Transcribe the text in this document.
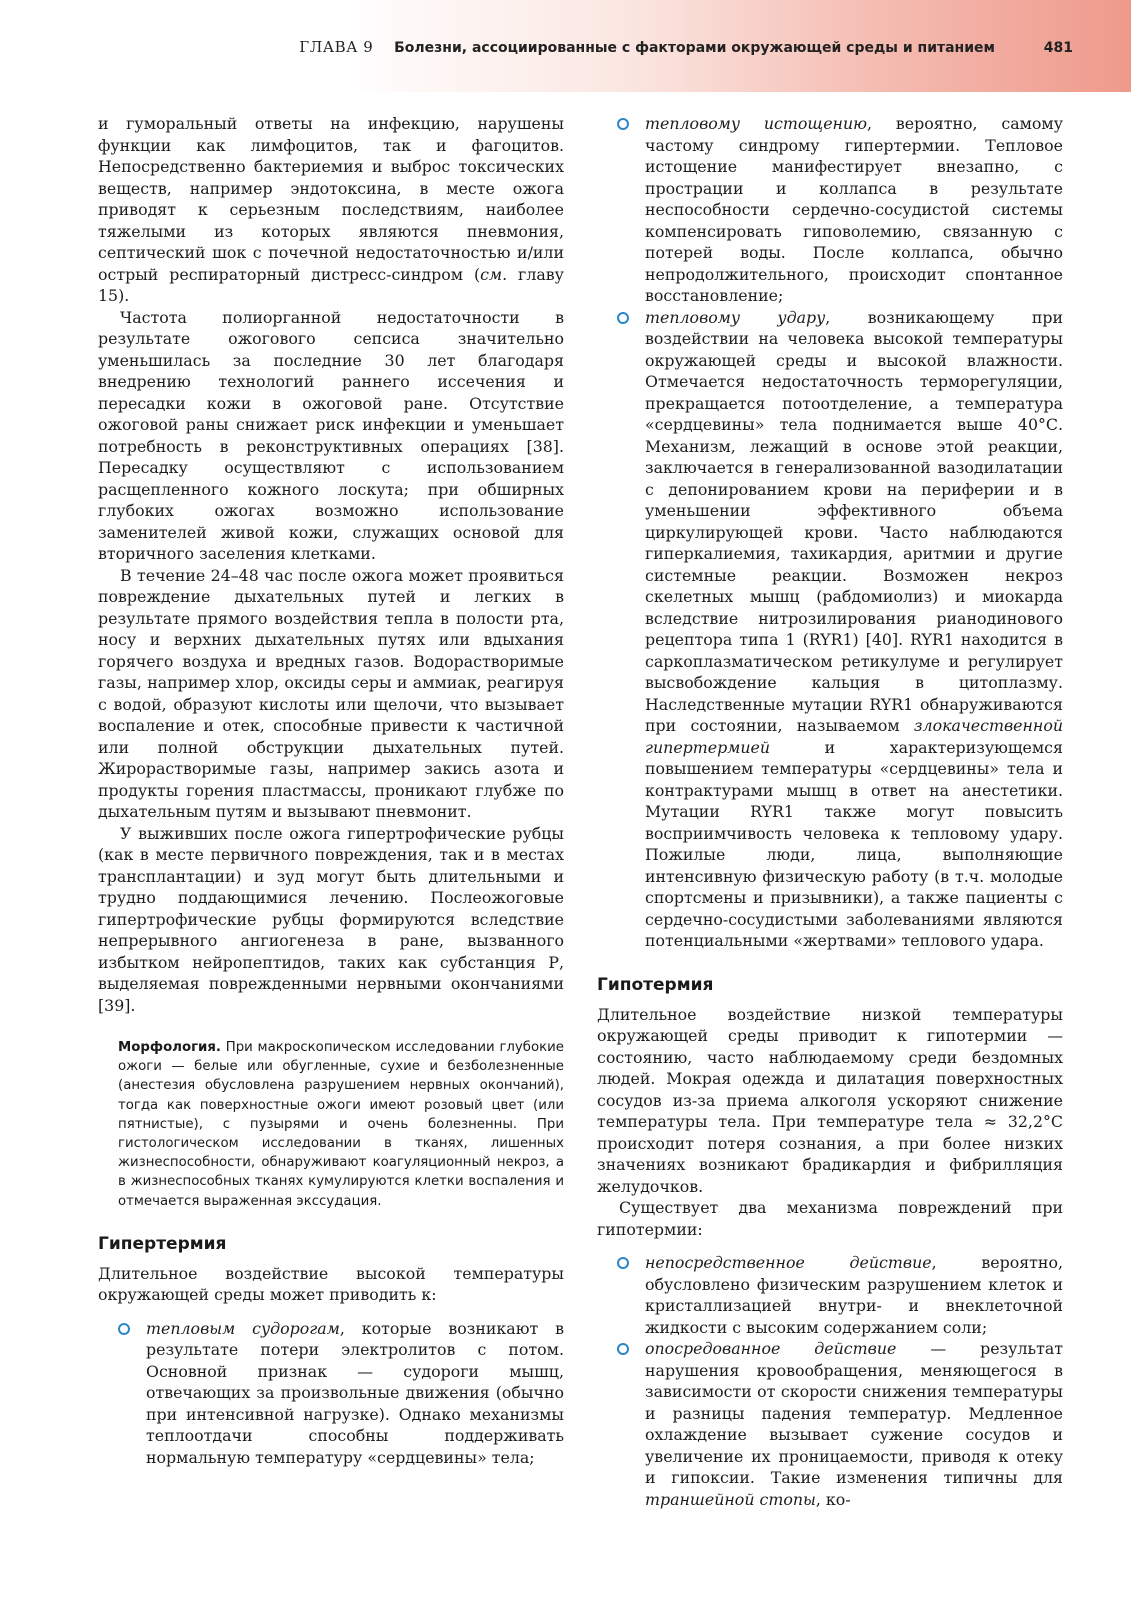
ГЛАВА 9 Болезни, ассоциированные с факторами окружающей среды и питанием	481

и гуморальный ответы на инфекцию, нарушены функции как лимфоцитов, так и фагоцитов. Непосредственно бактериемия и выброс токсических веществ, например эндотоксина, в месте ожога приводят к серьезным последствиям, наиболее тяжелыми из которых являются пневмония, септический шок с почечной недостаточностью и/или острый респираторный дистресс-синдром (см. главу 15).

Частота полиорганной недостаточности в результате ожогового сепсиса значительно уменьшилась за последние 30 лет благодаря внедрению технологий раннего иссечения и пересадки кожи в ожоговой ране. Отсутствие ожоговой раны снижает риск инфекции и уменьшает потребность в реконструктивных операциях [38]. Пересадку осуществляют с использованием расщепленного кожного лоскута; при обширных глубоких ожогах возможно использование заменителей живой кожи, служащих основой для вторичного заселения клетками.

В течение 24–48 час после ожога может проявиться повреждение дыхательных путей и легких в результате прямого воздействия тепла в полости рта, носу и верхних дыхательных путях или вдыхания горячего воздуха и вредных газов. Водорастворимые газы, например хлор, оксиды серы и аммиак, реагируя с водой, образуют кислоты или щелочи, что вызывает воспаление и отек, способные привести к частичной или полной обструкции дыхательных путей. Жирорастворимые газы, например закись азота и продукты горения пластмассы, проникают глубже по дыхательным путям и вызывают пневмонит.

У выживших после ожога гипертрофические рубцы (как в месте первичного повреждения, так и в местах трансплантации) и зуд могут быть длительными и трудно поддающимися лечению. Послеожоговые гипертрофические рубцы формируются вследствие непрерывного ангиогенеза в ране, вызванного избытком нейропептидов, таких как субстанция Р, выделяемая поврежденными нервными окончаниями [39].

Морфология. При макроскопическом исследовании глубокие ожоги — белые или обугленные, сухие и безболезненные (анестезия обусловлена разрушением нервных окончаний), тогда как поверхностные ожоги имеют розовый цвет (или пятнистые), с пузырями и очень болезненны. При гистологическом исследовании в тканях, лишенных жизнеспособности, обнаруживают коагуляционный некроз, а в жизнеспособных тканях кумулируются клетки воспаления и отмечается выраженная экссудация.
Гипертермия

Длительное воздействие высокой температуры окружающей среды может приводить к:

тепловым судорогам, которые возникают в результате потери электролитов с потом. Основной признак — судороги мышц, отвечающих за произвольные движения (обычно при интенсивной нагрузке). Однако механизмы теплоотдачи способны поддерживать нормальную температуру «сердцевины» тела;
тепловому истощению, вероятно, самому частому синдрому гипертермии. Тепловое истощение манифестирует внезапно, с прострации и коллапса в результате неспособности сердечно-сосудистой системы компенсировать гиповолемию, связанную с потерей воды. После коллапса, обычно непродолжительного, происходит спонтанное восстановление;
тепловому удару, возникающему при воздействии на человека высокой температуры окружающей среды и высокой влажности. Отмечается недостаточность терморегуляции, прекращается потоотделение, а температура «сердцевины» тела поднимается выше 40°С. Механизм, лежащий в основе этой реакции, заключается в генерализованной вазодилатации с депонированием крови на периферии и в уменьшении эффективного объема циркулирующей крови. Часто наблюдаются гиперкалиемия, тахикардия, аритмии и другие системные реакции. Возможен некроз скелетных мышц (рабдомиолиз) и миокарда вследствие нитрозилирования рианодинового рецептора типа 1 (RYR1) [40]. RYR1 находится в саркоплазматическом ретикулуме и регулирует высвобождение кальция в цитоплазму. Наследственные мутации RYR1 обнаруживаются при состоянии, называемом злокачественной гипертермией и характеризующемся повышением температуры «сердцевины» тела и контрактурами мышц в ответ на анестетики. Мутации RYR1 также могут повысить восприимчивость человека к тепловому удару. Пожилые люди, лица, выполняющие интенсивную физическую работу (в т.ч. молодые спортсмены и призывники), а также пациенты с сердечно-сосудистыми заболеваниями являются потенциальными «жертвами» теплового удара.
Гипотермия

Длительное воздействие низкой температуры окружающей среды приводит к гипотермии — состоянию, часто наблюдаемому среди бездомных людей. Мокрая одежда и дилатация поверхностных сосудов из-за приема алкоголя ускоряют снижение температуры тела. При температуре тела ≈ 32,2°С происходит потеря сознания, а при более низких значениях возникают брадикардия и фибрилляция желудочков.

Существует два механизма повреждений при гипотермии:

непосредственное действие, вероятно, обусловлено физическим разрушением клеток и кристаллизацией внутри- и внеклеточной жидкости с высоким содержанием соли;
опосредованное действие — результат нарушения кровообращения, меняющегося в зависимости от скорости снижения температуры и разницы падения температур. Медленное охлаждение вызывает сужение сосудов и увеличение их проницаемости, приводя к отеку и гипоксии. Такие изменения типичны для траншейной стопы, ко-
